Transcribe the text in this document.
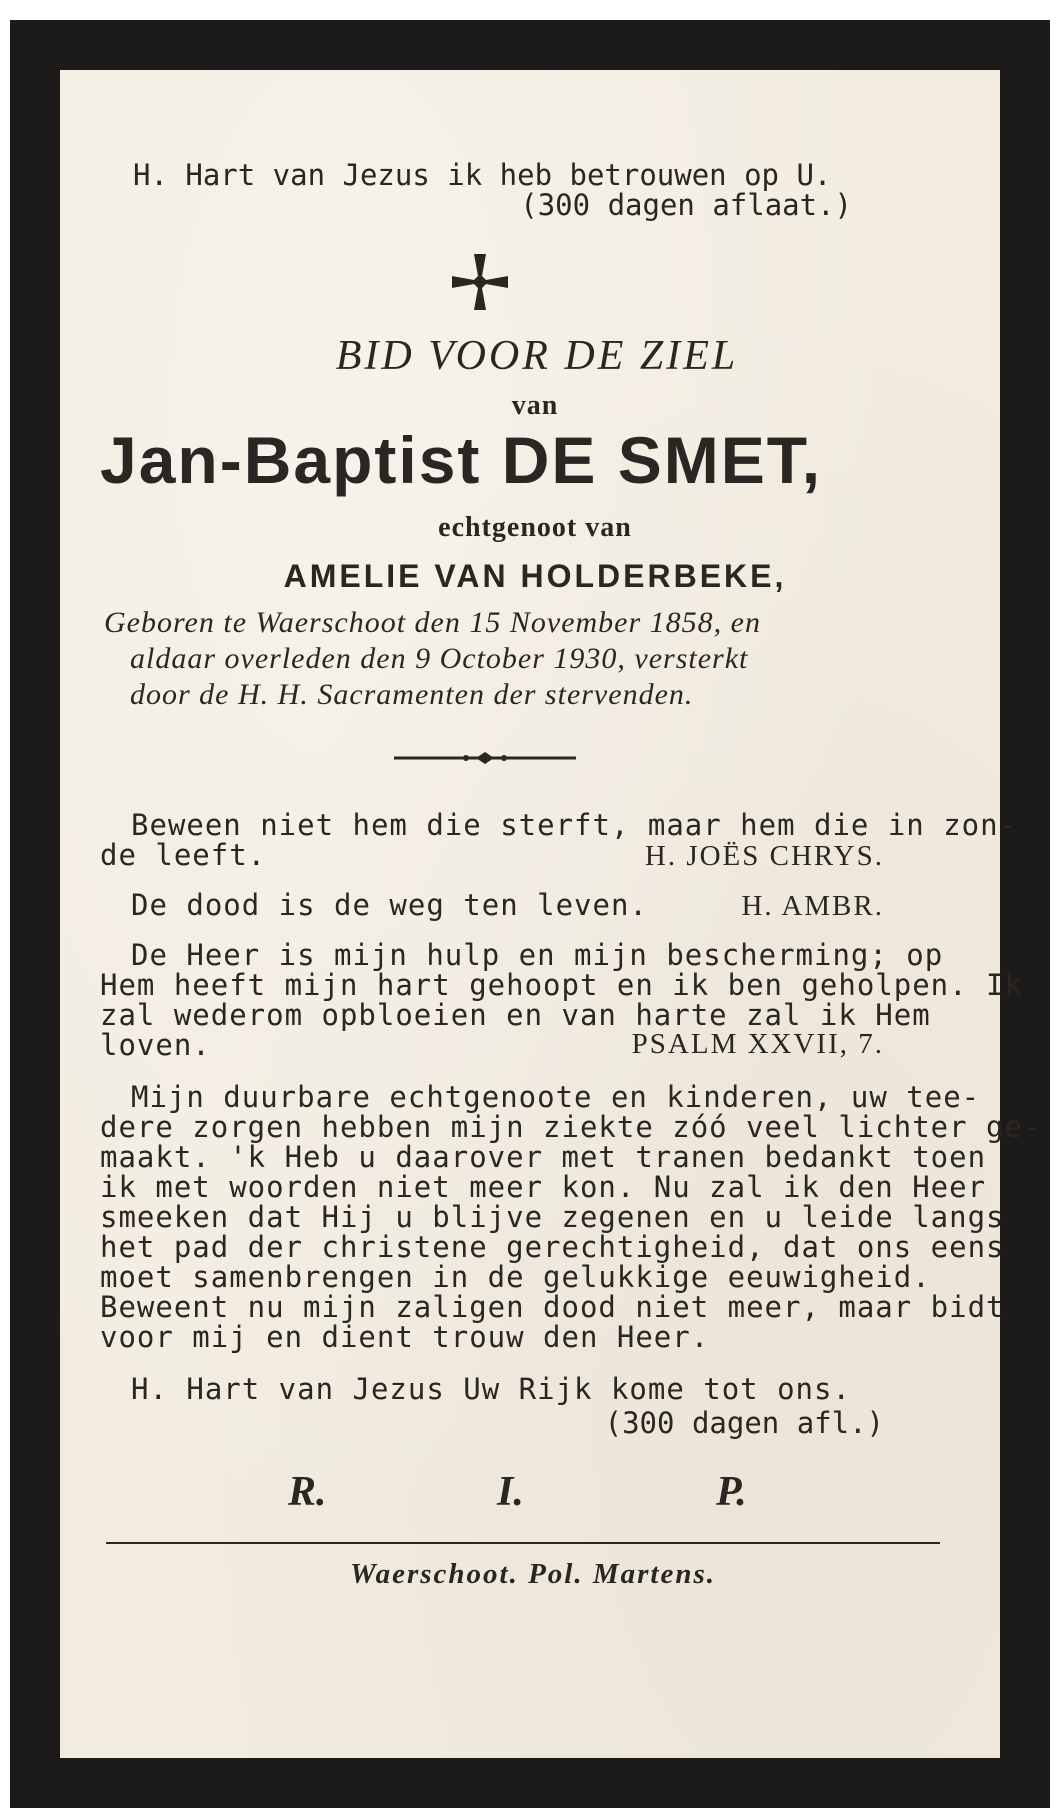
H. Hart van Jezus ik heb betrouwen op U.
(300 dagen aflaat.)
BID VOOR DE ZIEL
van
Jan-Baptist DE SMET,
echtgenoot van
AMELIE VAN HOLDERBEKE,
Geboren te Waerschoot den 15 November 1858, en
aldaar overleden den 9 October 1930, versterkt
door de H. H. Sacramenten der stervenden.
Beween niet hem die sterft, maar hem die in zon-
de leeft.	H. JOËS CHRYS.
De dood is de weg ten leven.	H. AMBR.
De Heer is mijn hulp en mijn bescherming; op
Hem heeft mijn hart gehoopt en ik ben geholpen. Ik
zal wederom opbloeien en van harte zal ik Hem
loven.	PSALM XXVII, 7.
Mijn duurbare echtgenoote en kinderen, uw tee-
dere zorgen hebben mijn ziekte zóó veel lichter ge-
maakt. 'k Heb u daarover met tranen bedankt toen
ik met woorden niet meer kon. Nu zal ik den Heer
smeeken dat Hij u blijve zegenen en u leide langs
het pad der christene gerechtigheid, dat ons eens
moet samenbrengen in de gelukkige eeuwigheid.
Beweent nu mijn zaligen dood niet meer, maar bidt
voor mij en dient trouw den Heer.
H. Hart van Jezus Uw Rijk kome tot ons.
(300 dagen afl.)
R.	I.	P.
Waerschoot. Pol. Martens.
